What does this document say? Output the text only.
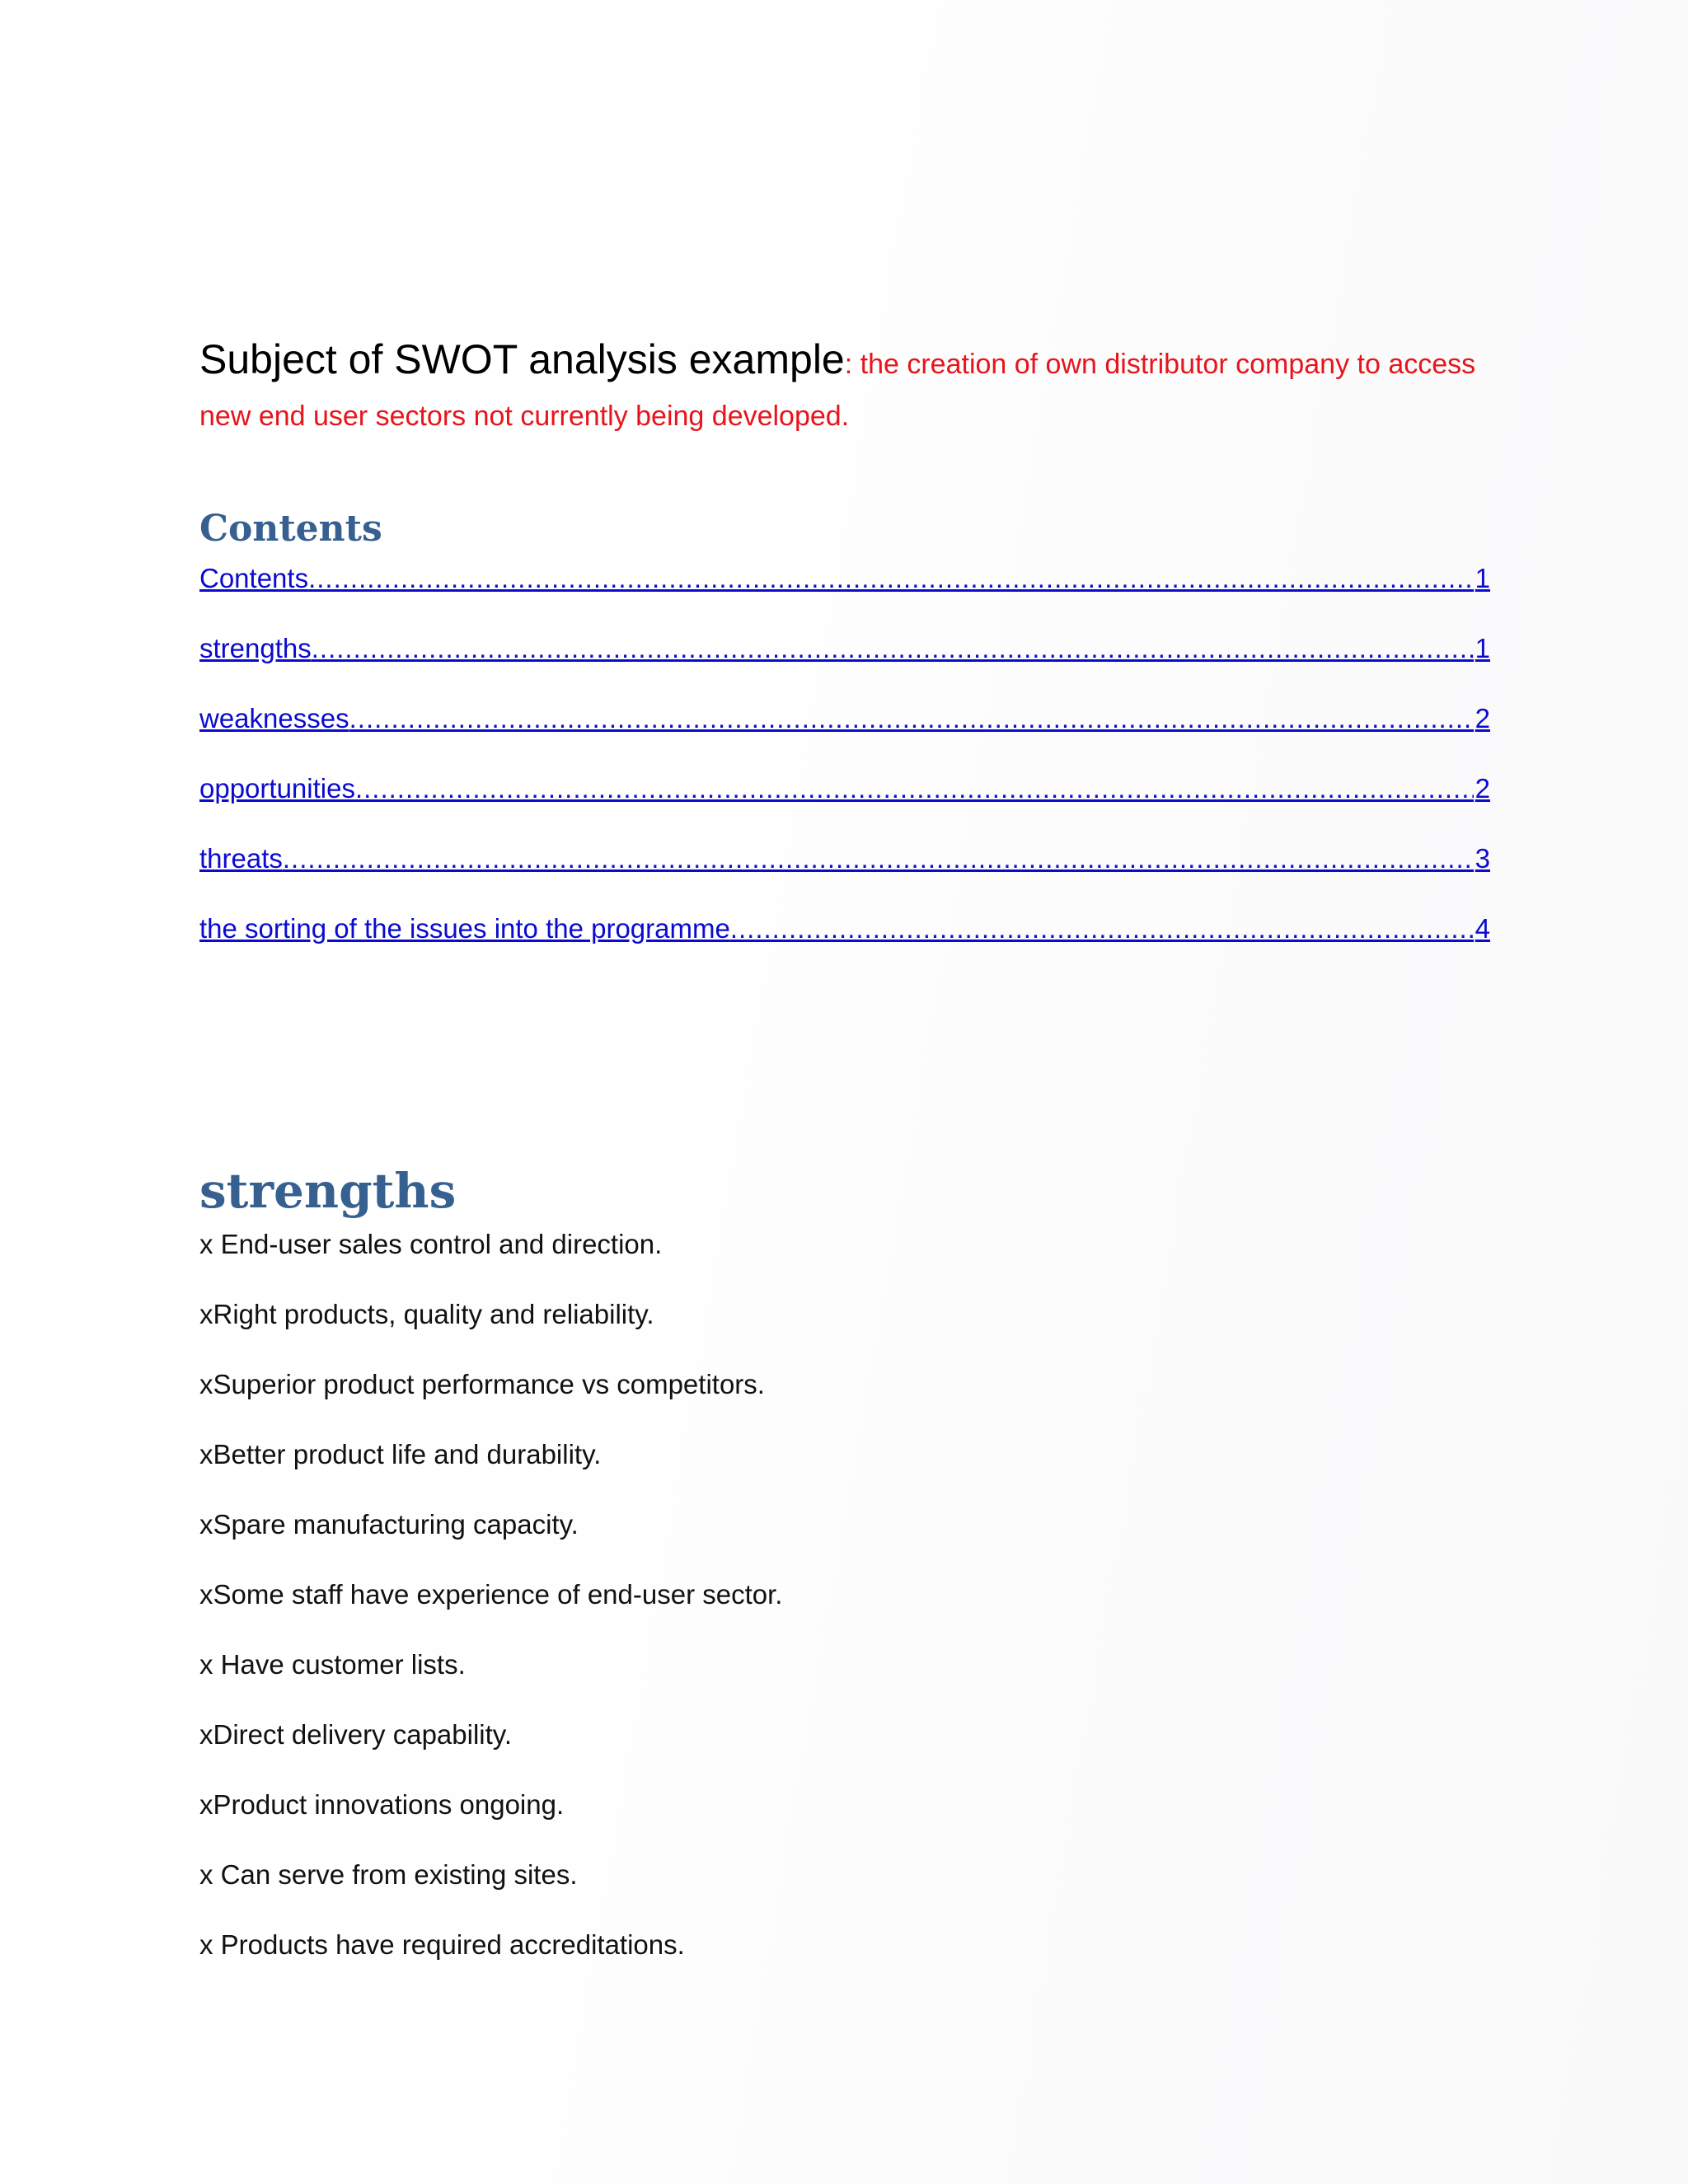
Subject of SWOT analysis example: the creation of own distributor company to access new end user sectors not currently being developed.
Contents
Contents .....	1
strengths .....	1
weaknesses .....	2
opportunities .....	2
threats .....	3
the sorting of the issues into the programme .....	4
strengths
x End-user sales control and direction.
xRight products, quality and reliability.
xSuperior product performance vs competitors.
xBetter product life and durability.
xSpare manufacturing capacity.
xSome staff have experience of end-user sector.
x Have customer lists.
xDirect delivery capability.
xProduct innovations ongoing.
x Can serve from existing sites.
x Products have required accreditations.
